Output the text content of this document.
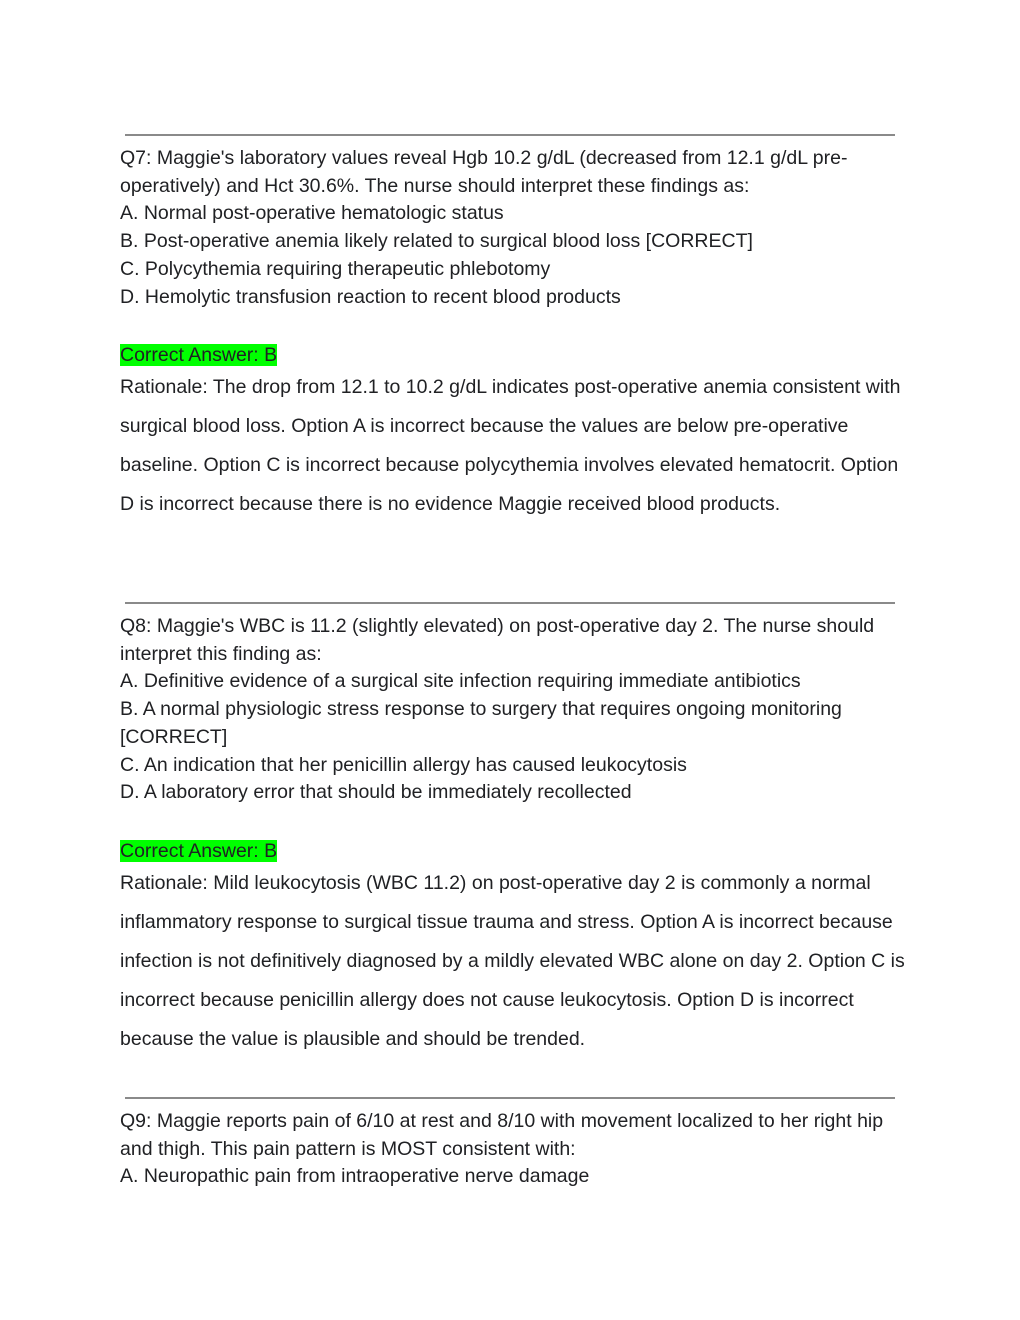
Q7: Maggie's laboratory values reveal Hgb 10.2 g/dL (decreased from 12.1 g/dL pre-operatively) and Hct 30.6%. The nurse should interpret these findings as:

A. Normal post-operative hematologic status

B. Post-operative anemia likely related to surgical blood loss [CORRECT]

C. Polycythemia requiring therapeutic phlebotomy

D. Hemolytic transfusion reaction to recent blood products

Correct Answer: B

Rationale: The drop from 12.1 to 10.2 g/dL indicates post-operative anemia consistent with surgical blood loss. Option A is incorrect because the values are below pre-operative baseline. Option C is incorrect because polycythemia involves elevated hematocrit. Option D is incorrect because there is no evidence Maggie received blood products.

Q8: Maggie's WBC is 11.2 (slightly elevated) on post-operative day 2. The nurse should interpret this finding as:

A. Definitive evidence of a surgical site infection requiring immediate antibiotics

B. A normal physiologic stress response to surgery that requires ongoing monitoring [CORRECT]

C. An indication that her penicillin allergy has caused leukocytosis

D. A laboratory error that should be immediately recollected

Correct Answer: B

Rationale: Mild leukocytosis (WBC 11.2) on post-operative day 2 is commonly a normal inflammatory response to surgical tissue trauma and stress. Option A is incorrect because infection is not definitively diagnosed by a mildly elevated WBC alone on day 2. Option C is incorrect because penicillin allergy does not cause leukocytosis. Option D is incorrect because the value is plausible and should be trended.

Q9: Maggie reports pain of 6/10 at rest and 8/10 with movement localized to her right hip and thigh. This pain pattern is MOST consistent with:

A. Neuropathic pain from intraoperative nerve damage
